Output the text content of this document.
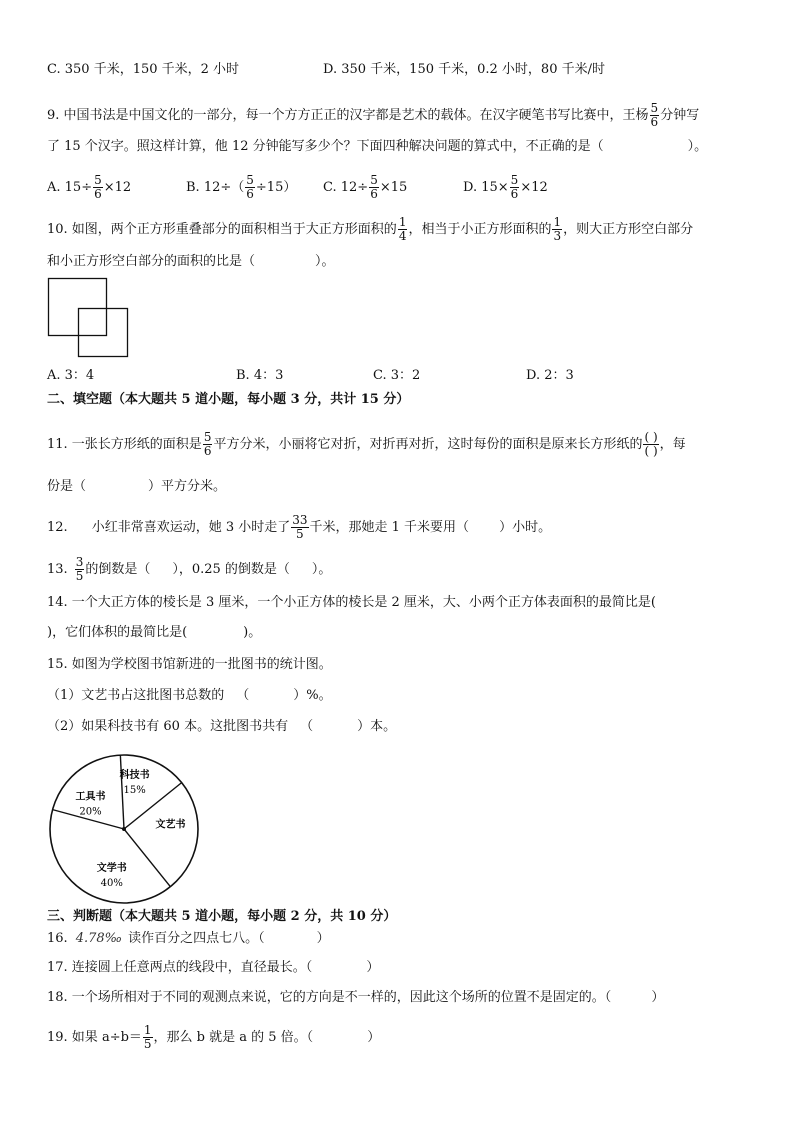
C. 350 千米，150 千米，2 小时	D. 350 千米，150 千米，0.2 小时，80 千米/时
9. 中国书法是中国文化的一部分，每一个方方正正的汉字都是艺术的载体。在汉字硬笔书写比赛中，王杨 $\frac{5}{6}$ 分钟写
了 15 个汉字。照这样计算，他 12 分钟能写多少个？下面四种解决问题的算式中，不正确的是（	）。
A. $15\div \frac{5}{6} \times 12$	B. $12\div( \frac{5}{6} \div 15)$ C. $12\div \frac{5}{6} \times 15$	D. $15\times \frac{5}{6} \times 12$
10. 如图，两个正方形重叠部分的面积相当于大正方形面积的 $\frac{1}{4}$ ，相当于小正方形面积的 $\frac{1}{3}$ ，则大正方形空白部分
和小正方形空白部分的面积的比是（	）。
A. 3：4	B. 4：3	C. 3：2	D. 2：3
二、填空题（本大题共 5 道小题，每小题 3 分，共计 15 分）
11. 一张长方形纸的面积是 $\frac{5}{6}$ 平方分米，小丽将它对折，对折再对折，这时每份的面积是原来长方形纸的 $\frac{( )}{( )}$ ，每
份是（	）平方分米。
12. 小红非常喜欢运动，她 3 小时走了 $\frac{33}{5}$ 千米，那她走 1 千米要用（ ）小时。
13. $\frac{3}{5}$ 的倒数是（ ），0.25 的倒数是（ ）。
14. 一个大正方体的棱长是 3 厘米，一个小正方体的棱长是 2 厘米，大、小两个正方体表面积的最简比是(
)，它们体积的最简比是(	)。
15. 如图为学校图书馆新进的一批图书的统计图。
（1）文艺书占这批图书总数的 （	）%。
（2）如果科技书有 60 本。这批图书共有 （	）本。
科技书
15%
文艺书
文学书
40%
工具书
20%
三、判断题（本大题共 5 道小题，每小题 2 分，共 10 分）
16. 4.78‰ 读作百分之四点七八。（	）
17. 连接圆上任意两点的线段中，直径最长。（	）
18. 一个场所相对于不同的观测点来说，它的方向是不一样的，因此这个场所的位置不是固定的。（	）
19. 如果 $a\div b= \frac{1}{5}$ ，那么 b 就是 a 的 5 倍。（	）
